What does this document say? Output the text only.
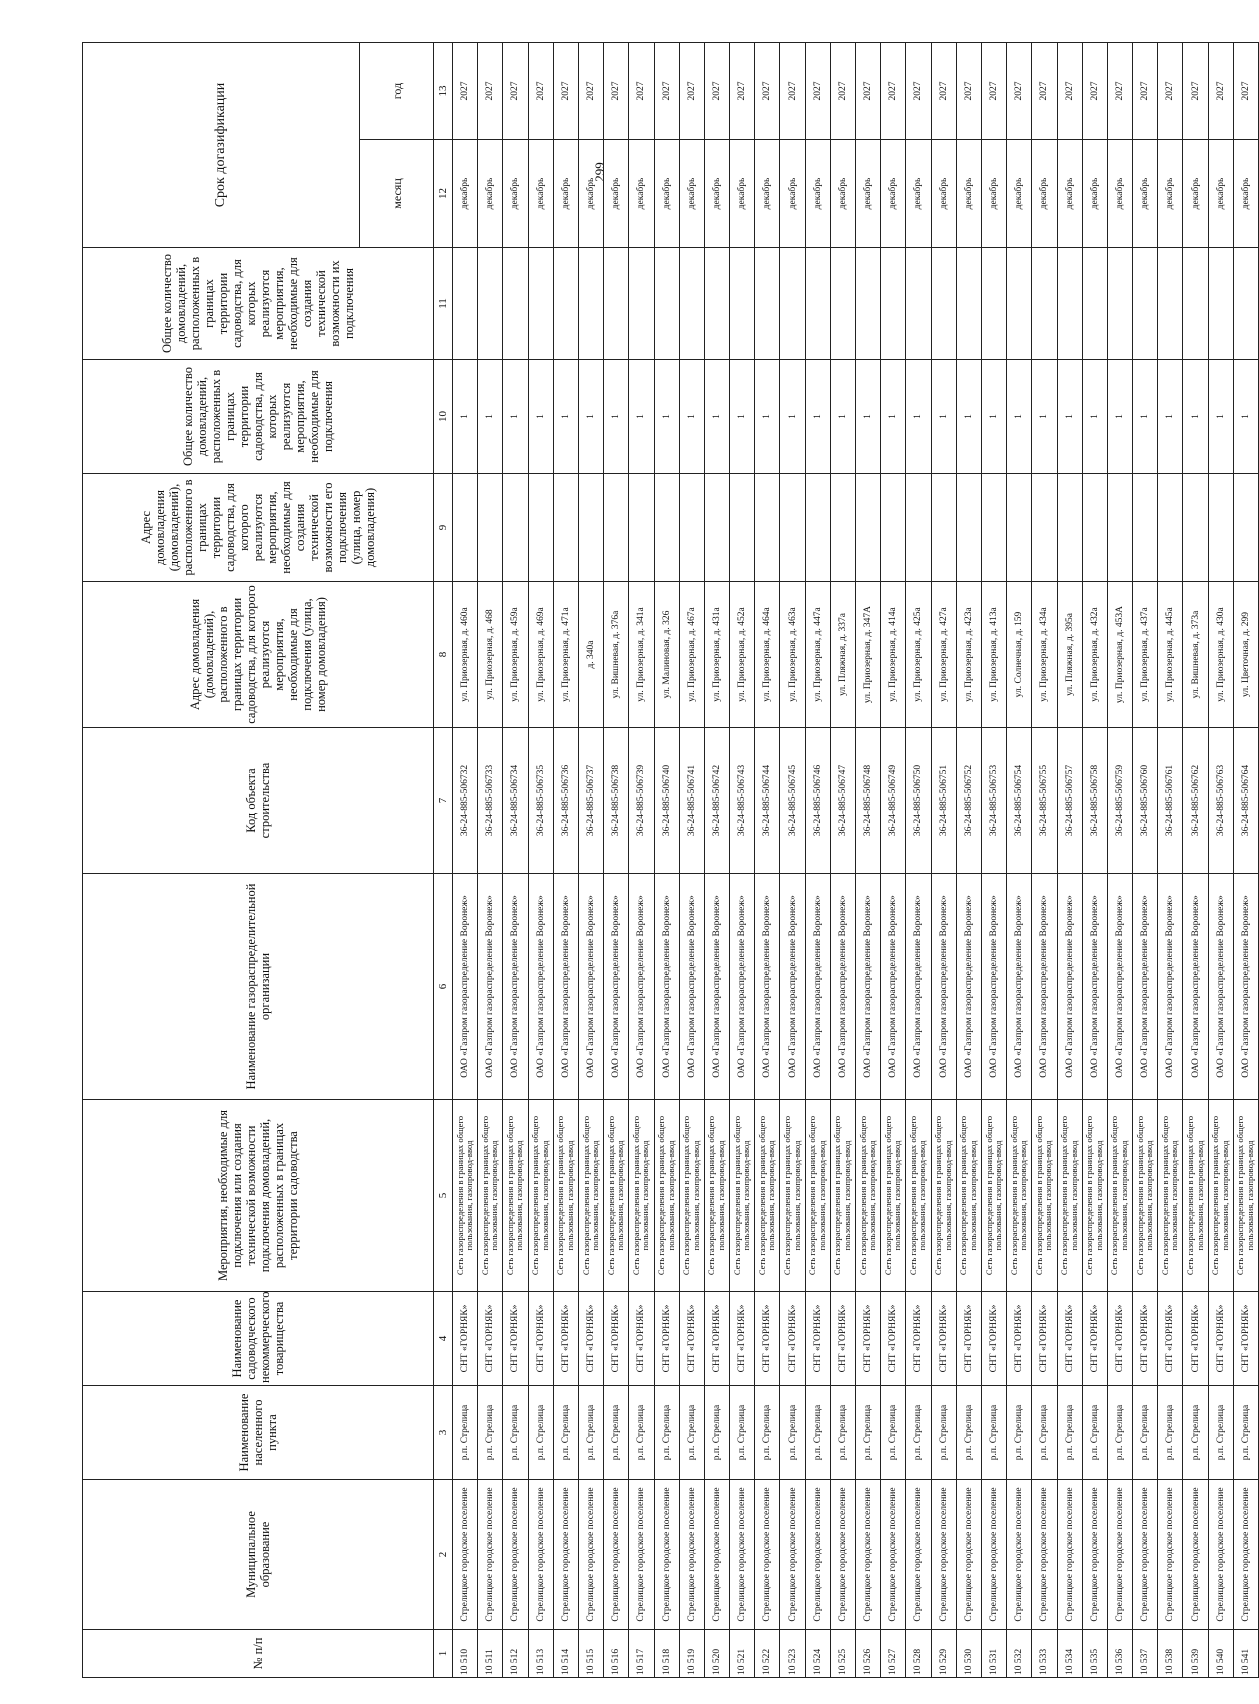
299
№ п/п	Муниципальное образование	Наименование населенного пункта	Наименование садоводческого некоммерческого товарищества	Мероприятия, необходимые для подключения или создания технической возможности подключения домовладений, расположенных в границах территории садоводства	Наименование газораспределительной организации	Код объекта строительства	Адрес домовладения (домовладений), расположенного в границах территории садоводства, для которого реализуются мероприятия, необходимые для подключения (улица, номер домовладения)	Адрес домовладения (домовладений), расположенного в границах территории садоводства, для которого реализуются мероприятия, необходимые для создания технической возможности его подключения (улица, номер домовладения)	Общее количество домовладений, расположенных в границах территории садоводства, для которых реализуются мероприятия, необходимые для подключения	Общее количество домовладений, расположенных в границах территории садоводства, для которых реализуются мероприятия, необходимые для создания технической возможности их подключения	Срок догазификации	
											месяц	год
1	2	3	4	5	6	7	8	9	10	11	12	13
10 510	Стрелицкое городское поселение	р.п. Стрелица	СНТ «ГОРНЯК»	Сеть газораспределения в границах общего пользования, газопровод-ввод	ОАО «Газпром газораспределение Воронеж»	36-24-885-506732	ул. Приозерная, д. 460а		1		декабрь	2027
10 511	Стрелицкое городское поселение	р.п. Стрелица	СНТ «ГОРНЯК»	Сеть газораспределения в границах общего пользования, газопровод-ввод	ОАО «Газпром газораспределение Воронеж»	36-24-885-506733	ул. Приозерная, д. 468		1		декабрь	2027
10 512	Стрелицкое городское поселение	р.п. Стрелица	СНТ «ГОРНЯК»	Сеть газораспределения в границах общего пользования, газопровод-ввод	ОАО «Газпром газораспределение Воронеж»	36-24-885-506734	ул. Приозерная, д. 459а		1		декабрь	2027
10 513	Стрелицкое городское поселение	р.п. Стрелица	СНТ «ГОРНЯК»	Сеть газораспределения в границах общего пользования, газопровод-ввод	ОАО «Газпром газораспределение Воронеж»	36-24-885-506735	ул. Приозерная, д. 469а		1		декабрь	2027
10 514	Стрелицкое городское поселение	р.п. Стрелица	СНТ «ГОРНЯК»	Сеть газораспределения в границах общего пользования, газопровод-ввод	ОАО «Газпром газораспределение Воронеж»	36-24-885-506736	ул. Приозерная, д. 471а		1		декабрь	2027
10 515	Стрелицкое городское поселение	р.п. Стрелица	СНТ «ГОРНЯК»	Сеть газораспределения в границах общего пользования, газопровод-ввод	ОАО «Газпром газораспределение Воронеж»	36-24-885-506737	д. 340а		1		декабрь	2027
10 516	Стрелицкое городское поселение	р.п. Стрелица	СНТ «ГОРНЯК»	Сеть газораспределения в границах общего пользования, газопровод-ввод	ОАО «Газпром газораспределение Воронеж»	36-24-885-506738	ул. Вишневая, д. 376а		1		декабрь	2027
10 517	Стрелицкое городское поселение	р.п. Стрелица	СНТ «ГОРНЯК»	Сеть газораспределения в границах общего пользования, газопровод-ввод	ОАО «Газпром газораспределение Воронеж»	36-24-885-506739	ул. Приозерная, д. 341а		1		декабрь	2027
10 518	Стрелицкое городское поселение	р.п. Стрелица	СНТ «ГОРНЯК»	Сеть газораспределения в границах общего пользования, газопровод-ввод	ОАО «Газпром газораспределение Воронеж»	36-24-885-506740	ул. Малиновая, д. 326		1		декабрь	2027
10 519	Стрелицкое городское поселение	р.п. Стрелица	СНТ «ГОРНЯК»	Сеть газораспределения в границах общего пользования, газопровод-ввод	ОАО «Газпром газораспределение Воронеж»	36-24-885-506741	ул. Приозерная, д. 467а		1		декабрь	2027
10 520	Стрелицкое городское поселение	р.п. Стрелица	СНТ «ГОРНЯК»	Сеть газораспределения в границах общего пользования, газопровод-ввод	ОАО «Газпром газораспределение Воронеж»	36-24-885-506742	ул. Приозерная, д. 431а		1		декабрь	2027
10 521	Стрелицкое городское поселение	р.п. Стрелица	СНТ «ГОРНЯК»	Сеть газораспределения в границах общего пользования, газопровод-ввод	ОАО «Газпром газораспределение Воронеж»	36-24-885-506743	ул. Приозерная, д. 452а		1		декабрь	2027
10 522	Стрелицкое городское поселение	р.п. Стрелица	СНТ «ГОРНЯК»	Сеть газораспределения в границах общего пользования, газопровод-ввод	ОАО «Газпром газораспределение Воронеж»	36-24-885-506744	ул. Приозерная, д. 464а		1		декабрь	2027
10 523	Стрелицкое городское поселение	р.п. Стрелица	СНТ «ГОРНЯК»	Сеть газораспределения в границах общего пользования, газопровод-ввод	ОАО «Газпром газораспределение Воронеж»	36-24-885-506745	ул. Приозерная, д. 463а		1		декабрь	2027
10 524	Стрелицкое городское поселение	р.п. Стрелица	СНТ «ГОРНЯК»	Сеть газораспределения в границах общего пользования, газопровод-ввод	ОАО «Газпром газораспределение Воронеж»	36-24-885-506746	ул. Приозерная, д. 447а		1		декабрь	2027
10 525	Стрелицкое городское поселение	р.п. Стрелица	СНТ «ГОРНЯК»	Сеть газораспределения в границах общего пользования, газопровод-ввод	ОАО «Газпром газораспределение Воронеж»	36-24-885-506747	ул. Пляжная, д. 337а		1		декабрь	2027
10 526	Стрелицкое городское поселение	р.п. Стрелица	СНТ «ГОРНЯК»	Сеть газораспределения в границах общего пользования, газопровод-ввод	ОАО «Газпром газораспределение Воронеж»	36-24-885-506748	ул. Приозерная, д. 347А		1		декабрь	2027
10 527	Стрелицкое городское поселение	р.п. Стрелица	СНТ «ГОРНЯК»	Сеть газораспределения в границах общего пользования, газопровод-ввод	ОАО «Газпром газораспределение Воронеж»	36-24-885-506749	ул. Приозерная, д. 414а		1		декабрь	2027
10 528	Стрелицкое городское поселение	р.п. Стрелица	СНТ «ГОРНЯК»	Сеть газораспределения в границах общего пользования, газопровод-ввод	ОАО «Газпром газораспределение Воронеж»	36-24-885-506750	ул. Приозерная, д. 425а		1		декабрь	2027
10 529	Стрелицкое городское поселение	р.п. Стрелица	СНТ «ГОРНЯК»	Сеть газораспределения в границах общего пользования, газопровод-ввод	ОАО «Газпром газораспределение Воронеж»	36-24-885-506751	ул. Приозерная, д. 427а		1		декабрь	2027
10 530	Стрелицкое городское поселение	р.п. Стрелица	СНТ «ГОРНЯК»	Сеть газораспределения в границах общего пользования, газопровод-ввод	ОАО «Газпром газораспределение Воронеж»	36-24-885-506752	ул. Приозерная, д. 423а		1		декабрь	2027
10 531	Стрелицкое городское поселение	р.п. Стрелица	СНТ «ГОРНЯК»	Сеть газораспределения в границах общего пользования, газопровод-ввод	ОАО «Газпром газораспределение Воронеж»	36-24-885-506753	ул. Приозерная, д. 413а		1		декабрь	2027
10 532	Стрелицкое городское поселение	р.п. Стрелица	СНТ «ГОРНЯК»	Сеть газораспределения в границах общего пользования, газопровод-ввод	ОАО «Газпром газораспределение Воронеж»	36-24-885-506754	ул. Солнечная, д. 159		1		декабрь	2027
10 533	Стрелицкое городское поселение	р.п. Стрелица	СНТ «ГОРНЯК»	Сеть газораспределения в границах общего пользования, газопровод-ввод	ОАО «Газпром газораспределение Воронеж»	36-24-885-506755	ул. Приозерная, д. 434а		1		декабрь	2027
10 534	Стрелицкое городское поселение	р.п. Стрелица	СНТ «ГОРНЯК»	Сеть газораспределения в границах общего пользования, газопровод-ввод	ОАО «Газпром газораспределение Воронеж»	36-24-885-506757	ул. Пляжная, д. 395а		1		декабрь	2027
10 535	Стрелицкое городское поселение	р.п. Стрелица	СНТ «ГОРНЯК»	Сеть газораспределения в границах общего пользования, газопровод-ввод	ОАО «Газпром газораспределение Воронеж»	36-24-885-506758	ул. Приозерная, д. 432а		1		декабрь	2027
10 536	Стрелицкое городское поселение	р.п. Стрелица	СНТ «ГОРНЯК»	Сеть газораспределения в границах общего пользования, газопровод-ввод	ОАО «Газпром газораспределение Воронеж»	36-24-885-506759	ул. Приозерная, д. 453А		1		декабрь	2027
10 537	Стрелицкое городское поселение	р.п. Стрелица	СНТ «ГОРНЯК»	Сеть газораспределения в границах общего пользования, газопровод-ввод	ОАО «Газпром газораспределение Воронеж»	36-24-885-506760	ул. Приозерная, д. 437а		1		декабрь	2027
10 538	Стрелицкое городское поселение	р.п. Стрелица	СНТ «ГОРНЯК»	Сеть газораспределения в границах общего пользования, газопровод-ввод	ОАО «Газпром газораспределение Воронеж»	36-24-885-506761	ул. Приозерная, д. 445а		1		декабрь	2027
10 539	Стрелицкое городское поселение	р.п. Стрелица	СНТ «ГОРНЯК»	Сеть газораспределения в границах общего пользования, газопровод-ввод	ОАО «Газпром газораспределение Воронеж»	36-24-885-506762	ул. Вишневая, д. 373а		1		декабрь	2027
10 540	Стрелицкое городское поселение	р.п. Стрелица	СНТ «ГОРНЯК»	Сеть газораспределения в границах общего пользования, газопровод-ввод	ОАО «Газпром газораспределение Воронеж»	36-24-885-506763	ул. Приозерная, д. 430а		1		декабрь	2027
10 541	Стрелицкое городское поселение	р.п. Стрелица	СНТ «ГОРНЯК»	Сеть газораспределения в границах общего пользования, газопровод-ввод	ОАО «Газпром газораспределение Воронеж»	36-24-885-506764	ул. Цветочная, д. 299		1		декабрь	2027
